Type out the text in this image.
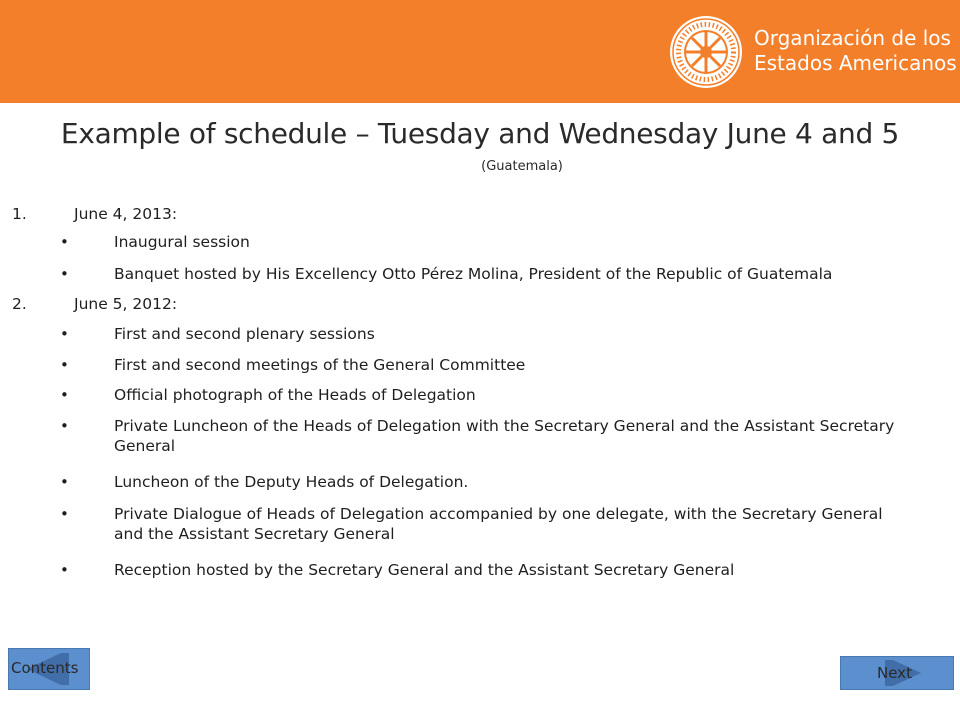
Organización de los
Estados Americanos
Example of schedule – Tuesday and Wednesday June 4 and 5
(Guatemala)
1.	June 4, 2013:
•	Inaugural session
•	Banquet hosted by His Excellency Otto Pérez Molina, President of the Republic of Guatemala
2.	June 5, 2012:
•	First and second plenary sessions
•	First and second meetings of the General Committee
•	Official photograph of the Heads of Delegation
•	Private Luncheon of the Heads of Delegation with the Secretary General and the Assistant Secretary General
•	Luncheon of the Deputy Heads of Delegation.
•	Private Dialogue of Heads of Delegation accompanied by one delegate, with the Secretary General and the Assistant Secretary General
•	Reception hosted by the Secretary General and the Assistant Secretary General
Contents	Next
